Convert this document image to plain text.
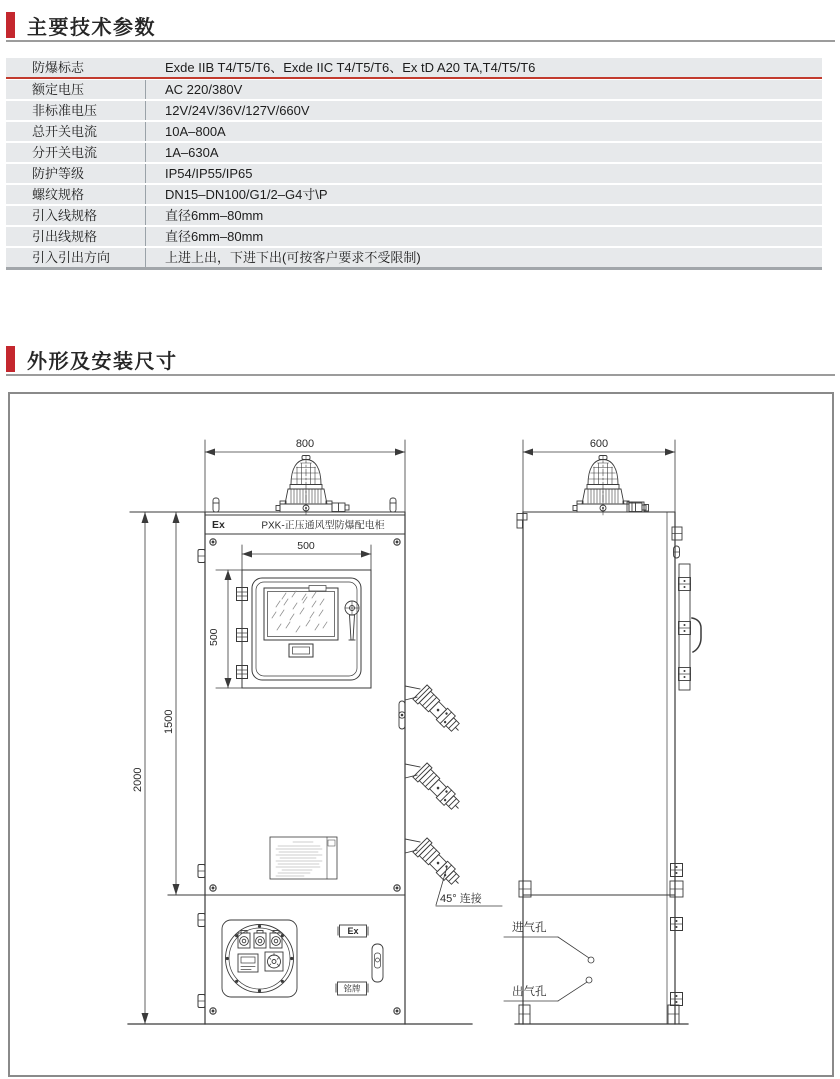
主要技术参数
防爆标志	Exde IIB T4/T5/T6、Exde IIC T4/T5/T6、Ex tD A20 TA,T4/T5/T6
额定电压	AC 220/380V
非标准电压	12V/24V/36V/127V/660V
总开关电流	10A–800A
分开关电流	1A–630A
防护等级	IP54/IP55/IP65
螺纹规格	DN15–DN100/G1/2–G4寸\P
引入线规格	直径6mm–80mm
引出线规格	直径6mm–80mm
引入引出方向	上进上出，下进下出(可按客户要求不受限制)
外形及安装尺寸
800
Ex	PXK-正压通风型防爆配电柜
500
500
45° 连接
Ex
铭牌
1500
2000
600
进气孔
出气孔
